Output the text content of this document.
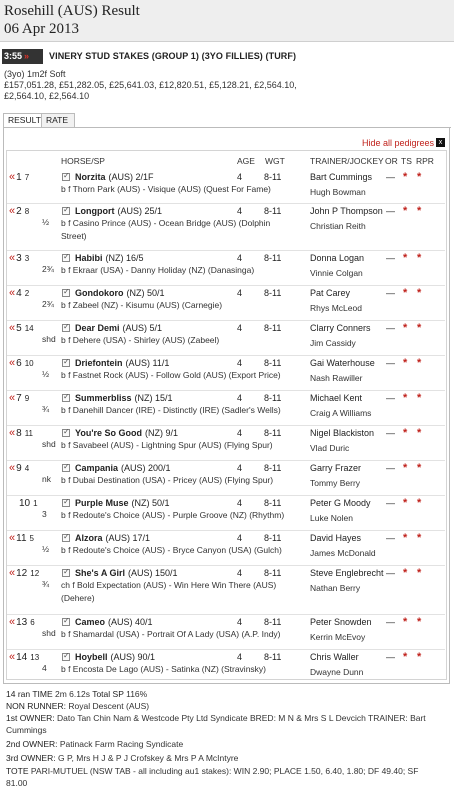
Rosehill (AUS) Result
06 Apr 2013
3:55 »	VINERY STUD STAKES (GROUP 1) (3YO FILLIES) (TURF)
(3yo) 1m2f Soft
£157,051.28, £51,282.05, £25,641.03, £12,820.51, £5,128.21, £2,564.10,
£2,564.10, £2,564.10
RESULT RATE
Hide all pedigrees x
HORSE/SP	AGE WGT	TRAINER/JOCKEY OR TS RPR
«1 7
✓	Norzita (AUS) 2/1F
b f Thorn Park (AUS) - Visique (AUS) (Quest For Fame)
4 8-11	Bart Cummings
Hugh Bowman
— * *
«2 8
½
✓
Longport (AUS) 25/1
b f Casino Prince (AUS) - Ocean Bridge (AUS) (Dolphin
Street)
4 8-11	John P Thompson
Christian Reith
— * *
«3 3
2¾
✓
Habibi (NZ) 16/5
b f Ekraar (USA) - Danny Holiday (NZ) (Danasinga)
4 8-11	Donna Logan
Vinnie Colgan
— * *
«4 2
2¾
✓
Gondokoro (NZ) 50/1
b f Zabeel (NZ) - Kisumu (AUS) (Carnegie)
4 8-11	Pat Carey
Rhys McLeod
— * *
«5 14
shd
✓
Dear Demi (AUS) 5/1
b f Dehere (USA) - Shirley (AUS) (Zabeel)
4 8-11	Clarry Conners
Jim Cassidy
— * *
«6 10
½
✓
Driefontein (AUS) 11/1
b f Fastnet Rock (AUS) - Follow Gold (AUS) (Export Price)
4 8-11	Gai Waterhouse
Nash Rawiller
— * *
«7 9
¾
✓
Summerbliss (NZ) 15/1
b f Danehill Dancer (IRE) - Distinctly (IRE) (Sadler's Wells)
4 8-11	Michael Kent
Craig A Williams
— * *
«8 11
shd
✓
You're So Good (NZ) 9/1
b f Savabeel (AUS) - Lightning Spur (AUS) (Flying Spur)
4 8-11	Nigel Blackiston
Vlad Duric
— * *
«9 4
nk
✓
Campania (AUS) 200/1
b f Dubai Destination (USA) - Pricey (AUS) (Flying Spur)
4 8-11	Garry Frazer
Tommy Berry
— * *
10 1
3
✓
Purple Muse (NZ) 50/1
b f Redoute's Choice (AUS) - Purple Groove (NZ) (Rhythm)
4 8-11	Peter G Moody
Luke Nolen
— * *
«11 5
½
✓
Alzora (AUS) 17/1
b f Redoute's Choice (AUS) - Bryce Canyon (USA) (Gulch)
4 8-11	David Hayes
James McDonald
— * *
«12 12
¾
✓
She's A Girl (AUS) 150/1
ch f Bold Expectation (AUS) - Win Here Win There (AUS)
(Dehere)
4 8-11	Steve Englebrecht
Nathan Berry
— * *
«13 6
shd
✓
Cameo (AUS) 40/1
b f Shamardal (USA) - Portrait Of A Lady (USA) (A.P. Indy)
4 8-11	Peter Snowden
Kerrin McEvoy
— * *
«14 13
4
✓
Hoybell (AUS) 90/1
b f Encosta De Lago (AUS) - Satinka (NZ) (Stravinsky)
4 8-11	Chris Waller
Dwayne Dunn
— * *
14 ran TIME 2m 6.12s Total SP 116%
NON RUNNER: Royal Descent (AUS)
1st OWNER: Dato Tan Chin Nam & Westcode Pty Ltd Syndicate BRED: M N & Mrs S L Devcich TRAINER: Bart
Cummings
2nd OWNER: Patinack Farm Racing Syndicate
3rd OWNER: G P, Mrs H J & P J Crofskey & Mrs P A McIntyre
TOTE PARI-MUTUEL (NSW TAB - all including au1 stakes): WIN 2.90; PLACE 1.50, 6.40, 1.80; DF 49.40; SF
81.00
